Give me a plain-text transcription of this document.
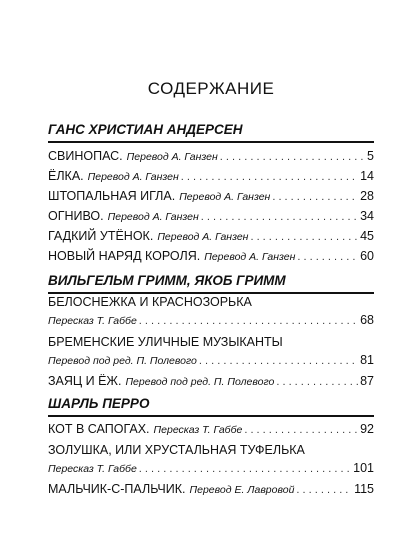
СОДЕРЖАНИЕ
ГАНС ХРИСТИАН АНДЕРСЕН
СВИНОПАС. Перевод А. Ганзен . . .	5
ЁЛКА. Перевод А. Ганзен . . .	14
ШТОПАЛЬНАЯ ИГЛА. Перевод А. Ганзен . . .	28
ОГНИВО. Перевод А. Ганзен . . .	34
ГАДКИЙ УТЁНОК. Перевод А. Ганзен . . .	45
НОВЫЙ НАРЯД КОРОЛЯ. Перевод А. Ганзен . . .	60
ВИЛЬГЕЛЬМ ГРИММ, ЯКОБ ГРИММ
БЕЛОСНЕЖКА И КРАСНОЗОРЬКА
Пересказ Т. Габбе . . .	68
БРЕМЕНСКИЕ УЛИЧНЫЕ МУЗЫКАНТЫ
Перевод под ред. П. Полевого . . .	81
ЗАЯЦ И ЁЖ. Перевод под ред. П. Полевого . . .	87
ШАРЛЬ ПЕРРО
КОТ В САПОГАХ. Пересказ Т. Габбе . . .	92
ЗОЛУШКА, ИЛИ ХРУСТАЛЬНАЯ ТУФЕЛЬКА
Пересказ Т. Габбе . . .	101
МАЛЬЧИК-С-ПАЛЬЧИК. Перевод Е. Лавровой . . .	115
